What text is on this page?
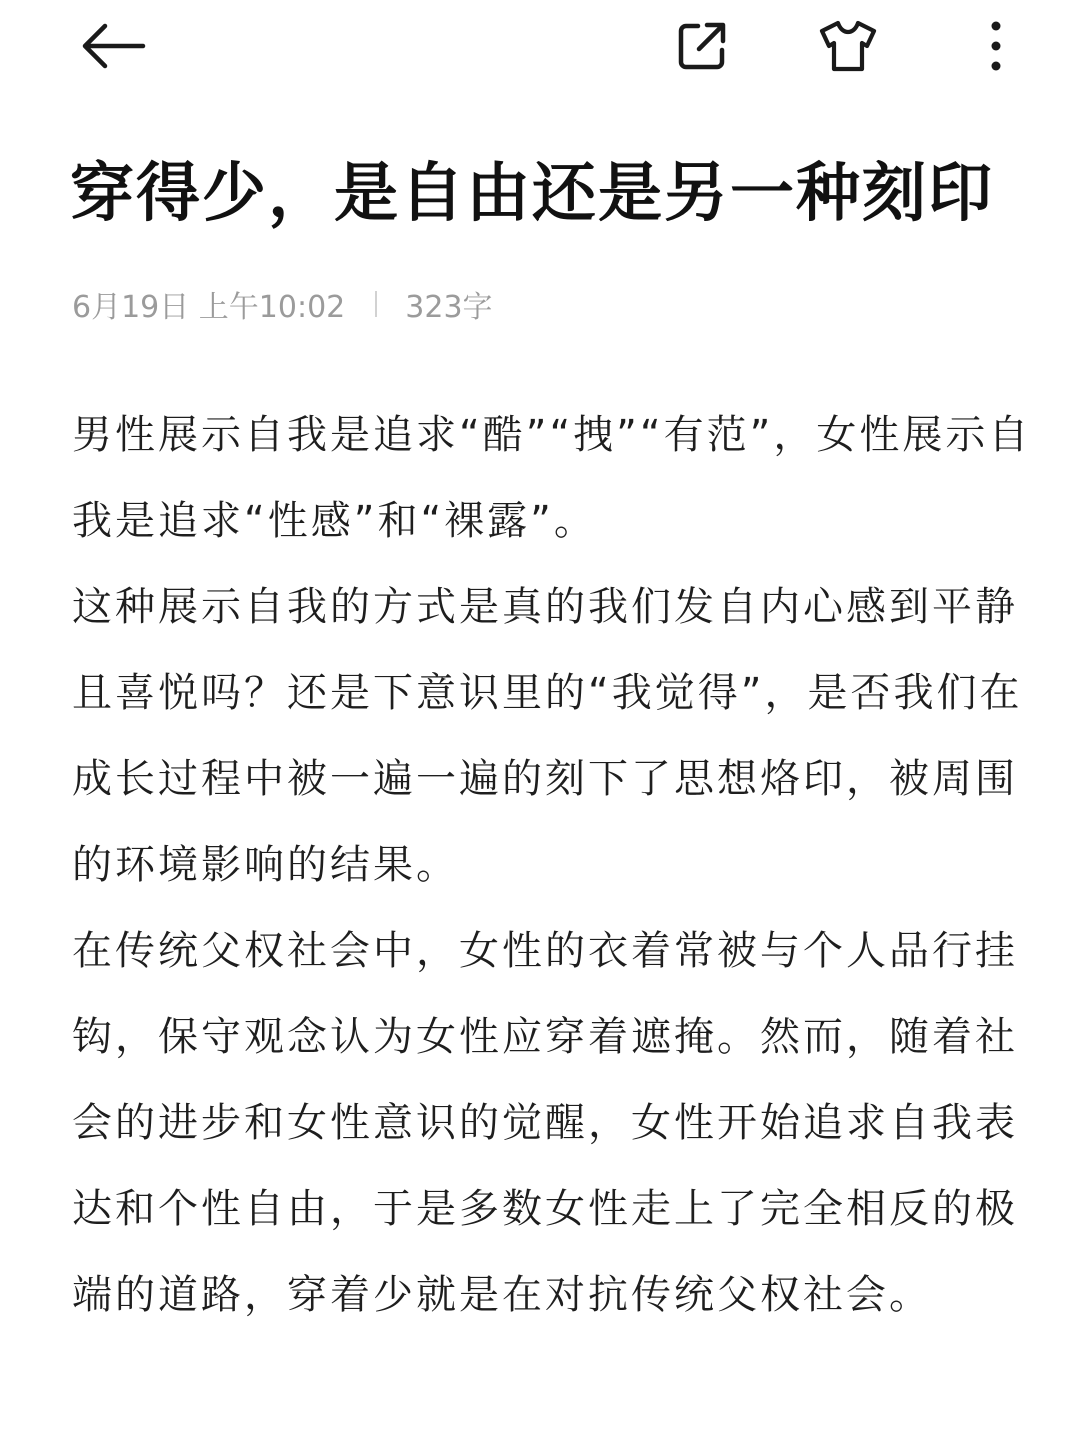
穿得少，是自由还是另一种刻印
6月19日 上午10:02 323字

男性展示自我是追求“酷”“拽”“有范”，女性展示自我是追求“性感”和“裸露”。

这种展示自我的方式是真的我们发自内心感到平静且喜悦吗？还是下意识里的“我觉得”，是否我们在成长过程中被一遍一遍的刻下了思想烙印，被周围的环境影响的结果。

在传统父权社会中，女性的衣着常被与个人品行挂钩，保守观念认为女性应穿着遮掩。然而，随着社会的进步和女性意识的觉醒，女性开始追求自我表达和个性自由，于是多数女性走上了完全相反的极端的道路，穿着少就是在对抗传统父权社会。
